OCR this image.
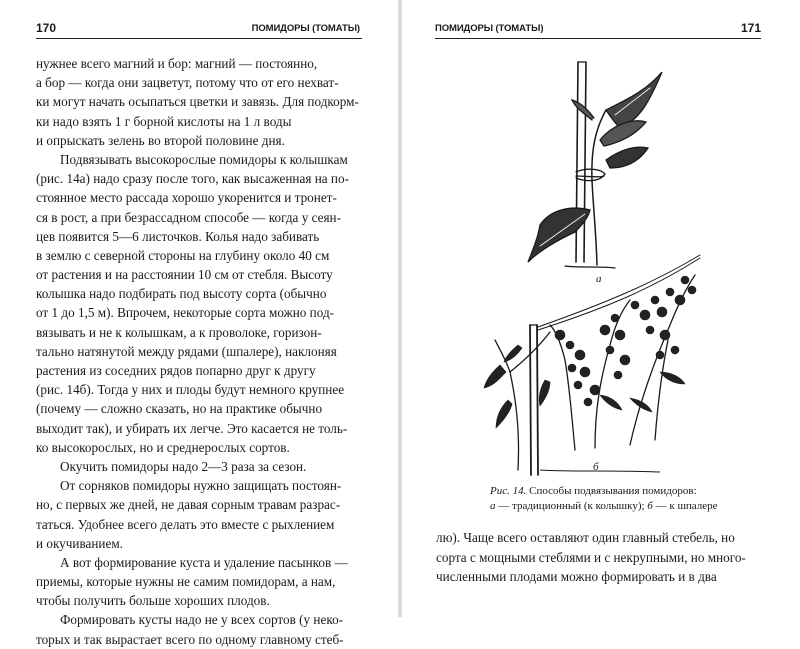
170	ПОМИДОРЫ (ТОМАТЫ)
нужнее всего магний и бор: магний — постоянно,
а бор — когда они зацветут, потому что от его нехват-
ки могут начать осыпаться цветки и завязь. Для подкорм-
ки надо взять 1 г борной кислоты на 1 л воды
и опрыскать зелень во второй половине дня.
Подвязывать высокорослые помидоры к колышкам
(рис. 14а) надо сразу после того, как высаженная на по-
стоянное место рассада хорошо укоренится и тронет-
ся в рост, а при безрассадном способе — когда у сеян-
цев появится 5—6 листочков. Колья надо забивать
в землю с северной стороны на глубину около 40 см
от растения и на расстоянии 10 см от стебля. Высоту
колышка надо подбирать под высоту сорта (обычно
от 1 до 1,5 м). Впрочем, некоторые сорта можно под-
вязывать и не к колышкам, а к проволоке, горизон-
тально натянутой между рядами (шпалере), наклоняя
растения из соседних рядов попарно друг к другу
(рис. 14б). Тогда у них и плоды будут немного крупнее
(почему — сложно сказать, но на практике обычно
выходит так), и убирать их легче. Это касается не толь-
ко высокорослых, но и среднерослых сортов.
Окучить помидоры надо 2—3 раза за сезон.
От сорняков помидоры нужно защищать постоян-
но, с первых же дней, не давая сорным травам разрас-
таться. Удобнее всего делать это вместе с рыхлением
и окучиванием.
А вот формирование куста и удаление пасынков —
приемы, которые нужны не самим помидорам, а нам,
чтобы получить больше хороших плодов.
Формировать кусты надо не у всех сортов (у неко-
торых и так вырастает всего по одному главному стеб-
ПОМИДОРЫ (ТОМАТЫ)	171
а
б
Рис. 14. Способы подвязывания помидоров:
а — традиционный (к колышку); б — к шпалере
лю). Чаще всего оставляют один главный стебель, но
сорта с мощными стеблями и с некрупными, но много-
численными плодами можно формировать и в два
